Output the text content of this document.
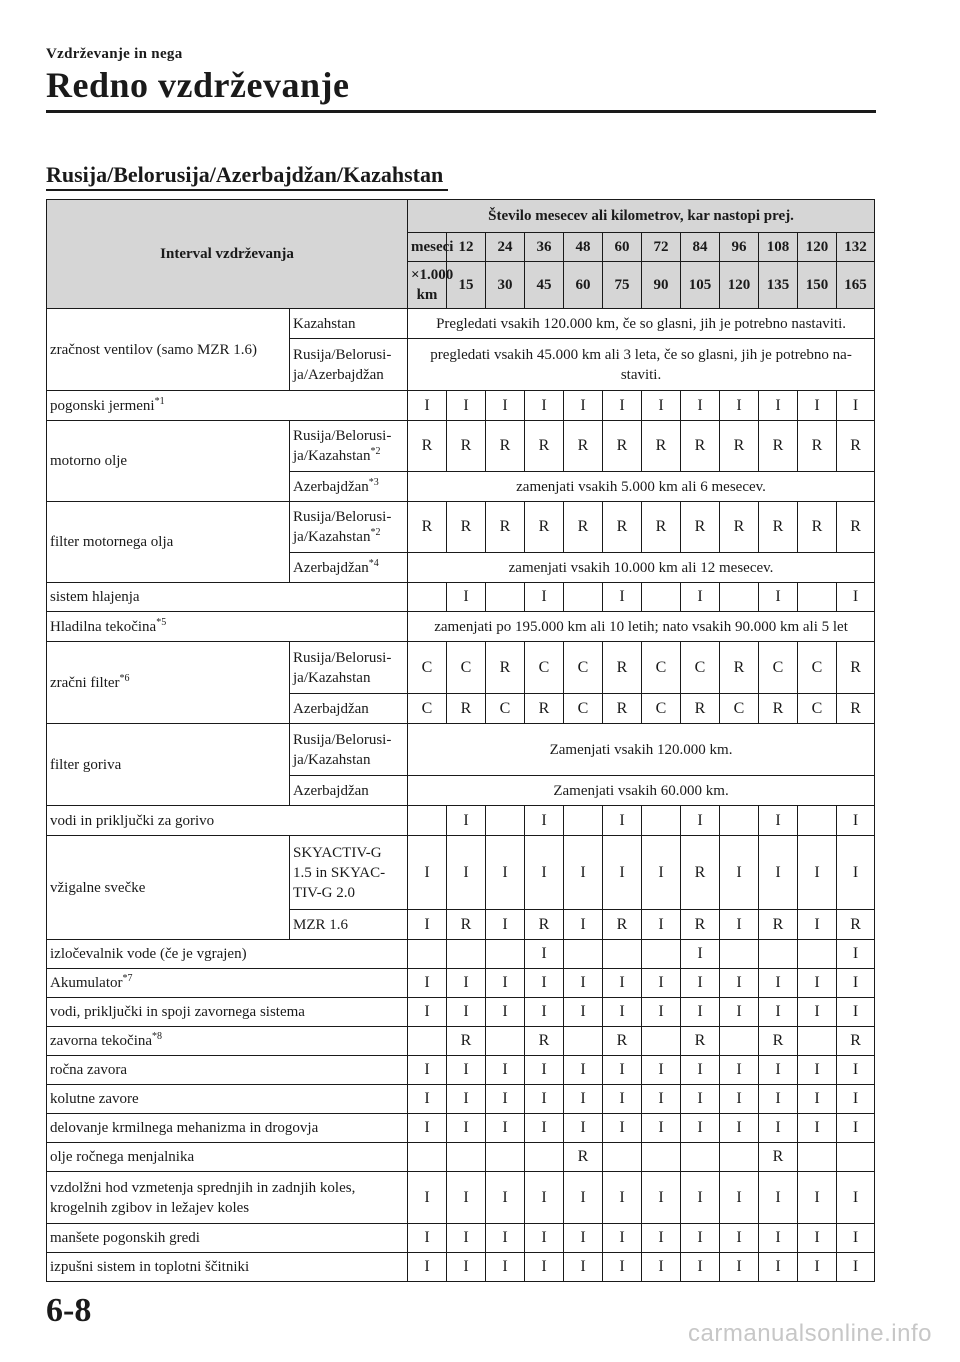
Vzdrževanje in nega
Redno vzdrževanje
Rusija/Belorusija/Azerbajdžan/Kazahstan
Interval vzdrževanja		Število mesecev ali kilometrov, kar nastopi prej.												
		meseci	12	24	36	48	60	72	84	96	108	120	132	
		×1.000 km	15	30	45	60	75	90	105	120	135	150	165	
zračnost ventilov (samo MZR 1.6)	Kazahstan	Pregledati vsakih 120.000 km, če so glasni, jih je potrebno nastaviti.												
	Rusija/Belorusi-ja/Azerbajdžan	pregledati vsakih 45.000 km ali 3 leta, če so glasni, jih je potrebno na-staviti.												
pogonski jermeni$^{*1}$		I	I	I	I	I	I	I	I	I	I	I	I	
motorno olje	Rusija/Belorusi-ja/Kazahstan$^{*2}$	R	R	R	R	R	R	R	R	R	R	R	R	
	Azerbajdžan$^{*3}$	zamenjati vsakih 5.000 km ali 6 mesecev.												
filter motornega olja	Rusija/Belorusi-ja/Kazahstan$^{*2}$	R	R	R	R	R	R	R	R	R	R	R	R	
	Azerbajdžan$^{*4}$	zamenjati vsakih 10.000 km ali 12 mesecev.												
sistem hlajenja			I		I		I		I		I		I	
Hladilna tekočina$^{*5}$		zamenjati po 195.000 km ali 10 letih; nato vsakih 90.000 km ali 5 let												
zračni filter$^{*6}$	Rusija/Belorusi-ja/Kazahstan	C	C	R	C	C	R	C	C	R	C	C	R	
	Azerbajdžan	C	R	C	R	C	R	C	R	C	R	C	R	
filter goriva	Rusija/Belorusi-ja/Kazahstan	Zamenjati vsakih 120.000 km.												
	Azerbajdžan	Zamenjati vsakih 60.000 km.												
vodi in priključki za gorivo			I		I		I		I		I		I	
vžigalne svečke	SKYACTIV-G 1.5 in SKYAC-TIV-G 2.0	I	I	I	I	I	I	I	R	I	I	I	I	
	MZR 1.6	I	R	I	R	I	R	I	R	I	R	I	R	
izločevalnik vode (če je vgrajen)					I				I				I	
Akumulator$^{*7}$		I	I	I	I	I	I	I	I	I	I	I	I	
vodi, priključki in spoji zavornega sistema		I	I	I	I	I	I	I	I	I	I	I	I	
zavorna tekočina$^{*8}$			R		R		R		R		R		R	
ročna zavora		I	I	I	I	I	I	I	I	I	I	I	I	
kolutne zavore		I	I	I	I	I	I	I	I	I	I	I	I	
delovanje krmilnega mehanizma in drogovja		I	I	I	I	I	I	I	I	I	I	I	I	
olje ročnega menjalnika						R					R			
vzdolžni hod vzmetenja sprednjih in zadnjih koles, krogelnih zgibov in ležajev koles		I	I	I	I	I	I	I	I	I	I	I	I	
manšete pogonskih gredi		I	I	I	I	I	I	I	I	I	I	I	I	
izpušni sistem in toplotni ščitniki		I	I	I	I	I	I	I	I	I	I	I	I	
6-8
carmanualsonline.info
